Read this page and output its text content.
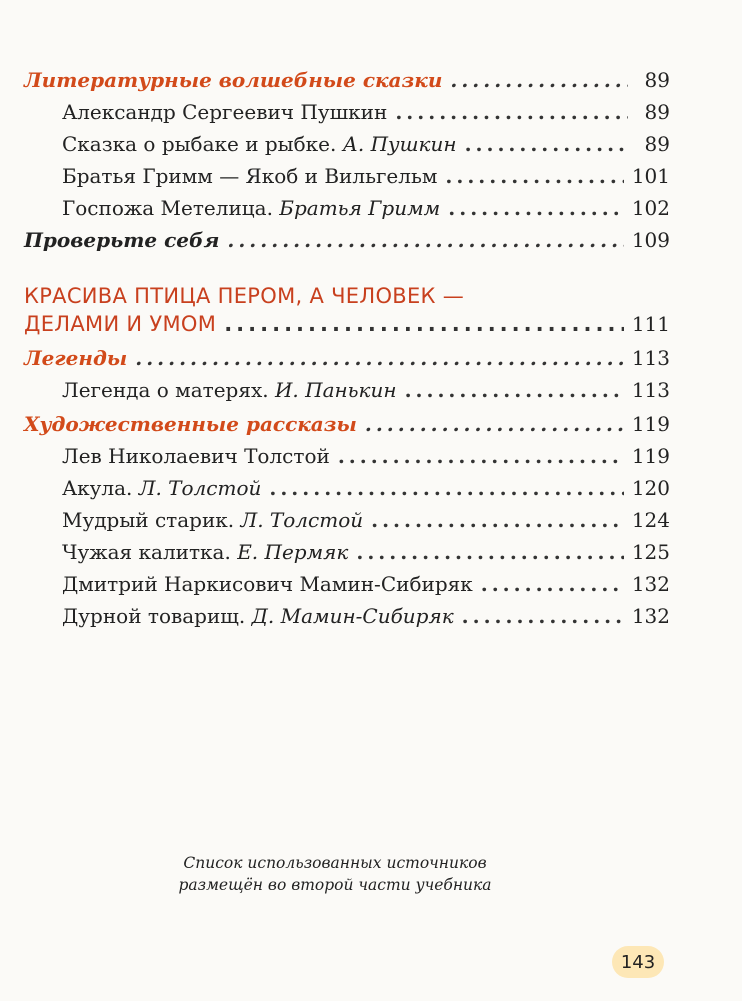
Литературные волшебные сказки .....	89
Александр Сергеевич Пушкин .....	89
Сказка о рыбаке и рыбке. А. Пушкин .....	89
Братья Гримм — Якоб и Вильгельм .....	101
Госпожа Метелица. Братья Гримм .....	102
Проверьте себя .....	109
КРАСИВА ПТИЦА ПЕРОМ, А ЧЕЛОВЕК —
ДЕЛАМИ И УМОМ .....	111
Легенды .....	113
Легенда о матерях. И. Панькин .....	113
Художественные рассказы .....	119
Лев Николаевич Толстой .....	119
Акула. Л. Толстой .....	120
Мудрый старик. Л. Толстой .....	124
Чужая калитка. Е. Пермяк .....	125
Дмитрий Наркисович Мамин-Сибиряк .....	132
Дурной товарищ. Д. Мамин-Сибиряк .....	132
Список использованных источников
размещён во второй части учебника
143
